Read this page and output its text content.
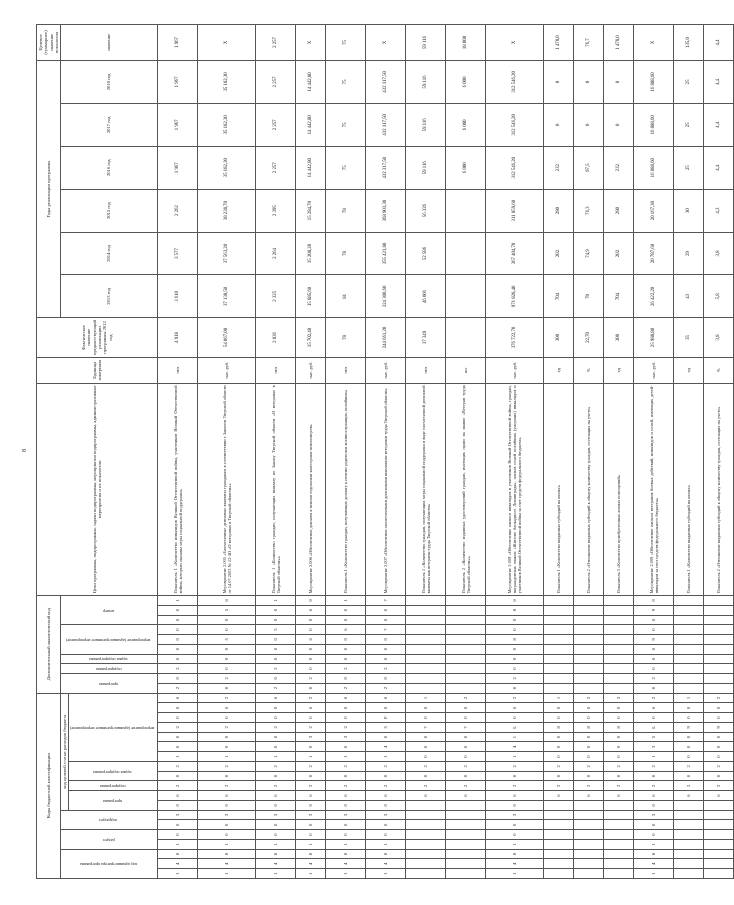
8
Коды бюджетной классификации																			Дополнительный аналитический код										Цели программы, подпрограммы, задачи подпрограммы, мероприятия подпрограммы, административные мероприятия и их показатели	Единица измерения	Фактическое значение предшествующий реализации программы 2012 год	Годы реализации программы						Целевое (суммарное) значение показателя
код администратора программы			раздел		подраздел		код целевой статьи расходов бюджета												программа		подпрограмма	задача подпрограммы	мероприятие (административное мероприятие)			номер						2013 год	2014 год	2015 год	2016 год	2017 год	2018 год	значение
							программа		подпрограмма	задача подпрограммы		мероприятие (административное мероприятие)																										
1	4	8	1	0	0	3	0	6	2	0	2	1	0	0	2	0	0	6	2	0	2	0	0	0	0	0	0	1	Показатель 1 «Количество инвалидов Великой Отечественной войны, участников Великой Отечественной войны, которым оказаны меры социальной поддержки»	чел	4 918	3 610	3 577	2 262	1 967	1 967	1 967	1 967
1	4	8	1	0	0	3	0	6	2	0	2	1	0	0	2	0	6	2	0	2	0	0	0	5	0	0	5	0	Мероприятие 2.005 «Ежемесячные денежные выплаты гражданам в соответствии с Законом Тверской области от 14.07.2003 № 12-ЗО «О ветеранах в Тверской области»»	тыс. руб.	54 067,00	37 138,50	37 563,20	38 238,70	35 182,30	35 182,30	35 182,30	X
1	4	8	1	0	0	3	0	6	2	0	2	1	0	0	2	0	0	6	2	0	2	0	0	0	5	0	0	1	Показатель 1 «Количество граждан, получающих выплату по Закону Тверской области «О ветеранах в Тверской области»»	чел	2 036	2 325	2 264	2 395	2 257	2 257	2 257	2 257
1	4	8	1	0	0	3	0	6	2	0	2	1	0	3	2	0	6	2	0	2	0	0	0	6	0	0	6	0	Мероприятие 2.006 «Обеспечение доплаты к пенсии отдельным категориям пенсионеров»	тыс. руб.	15 702,40	15 885,60	15 208,20	15 284,70	14 442,80	14 442,80	14 442,80	X
1	4	8	1	0	0	3	0	6	2	0	2	1	0	3	2	0	0	6	2	0	2	0	0	0	6	0	0	1	Показатель 1 «Количество граждан, получающих доплату к пенсии родителям военнослужащих, погибших»	чел	78	81	78	78	75	75	75	75
1	4	8	1	0	0	3	0	6	2	0	2	1	4	0	5	F	0	6	2	0	2	0	0	0	7	0	0	7	Мероприятие 2.007 «Обеспечение ежемесячными денежными выплатами ветеранов труда Тверской области»	тыс. руб.	244 661,20	324 300,60	355 423,80	368 903,30	432 317,50	432 317,50	432 317,50	X
								6	2	0	2	0	0	0	7	0	0	1											Показатель 1 «Количество граждан, получающих меры социальной поддержки в виде ежемесячной денежной выплаты как ветераны труда Тверской области»	чел	37 349	46 001	52 586	56 326	59 116	59 116	59 116	59 116
								6	2	0	2	0	0	0	7	0	0	2											Показатель 2 «Количество изданных удостоверений граждан, имеющих право на звание «Ветеран труда Тверской области»»	шт					6 000	6 000	6 000	18 000
1	4	8	1	0	0	3	0	6	2	0	2	1	4	1	L	0	6	2	0	2	0	0	0	8	0	0	8	0	Мероприятие 2.008 «Обеспечение жильем инвалидов и участников Великой Отечественной войны, граждан, награжденных знаком «Жителю блокадного Ленинграда», членов семей погибших (умерших) инвалидов и участников Великой Отечественной войны за счет средств федерального бюджета»	тыс. руб.	376 722,70	971 828,40	367 404,70	311 859,60	312 546,20	312 546,20	312 546,20	X
								6	2	0	2	0	0	0	8	0	0	1											Показатель 1 «Количество выданных субсидий на жилье»	ед	300	704	202	280	232	0	0	1 478,0
								6	2	0	2	0	0	0	8	0	0	2											Показатель 2 «Отношение выданных субсидий к общему количеству граждан, состоящих на учете»	%	22,70	70	74,9	76,3	97,5	0	0	76,7
								6	2	0	2	0	0	0	8	0	0	3											Показатель 3 «Количество приобретенных жилых помещений»	ед	300	704	202	280	232	0	0	1 478,0
1	4	8	1	0	0	3	0	6	2	0	2	1	3	5	L	0	6	2	0	2	0	0	0	9	0	0	9	0	Мероприятие 2.009 «Обеспечение жильем ветеранов боевых действий, инвалидов и семей, имеющих детей-инвалидов за счет средств федерального бюджета»	тыс. руб.	25 988,80	26 422,20	20 787,60	20 167,30	16 888,60	16 888,60	16 888,60	X
								6	2	0	2	0	0	0	9	0	0	1											Показатель 1 «Количество выданных субсидий на жилье»	ед	35	43	29	30	25	25	25	135,0
								6	2	0	2	0	0	0	9	0	0	2											Показатель 2 «Отношение выданных субсидий к общему количеству граждан, состоящих на учете»	%	3,8	5,8	3,8	4,3	4,4	4,4	4,4	4,4
